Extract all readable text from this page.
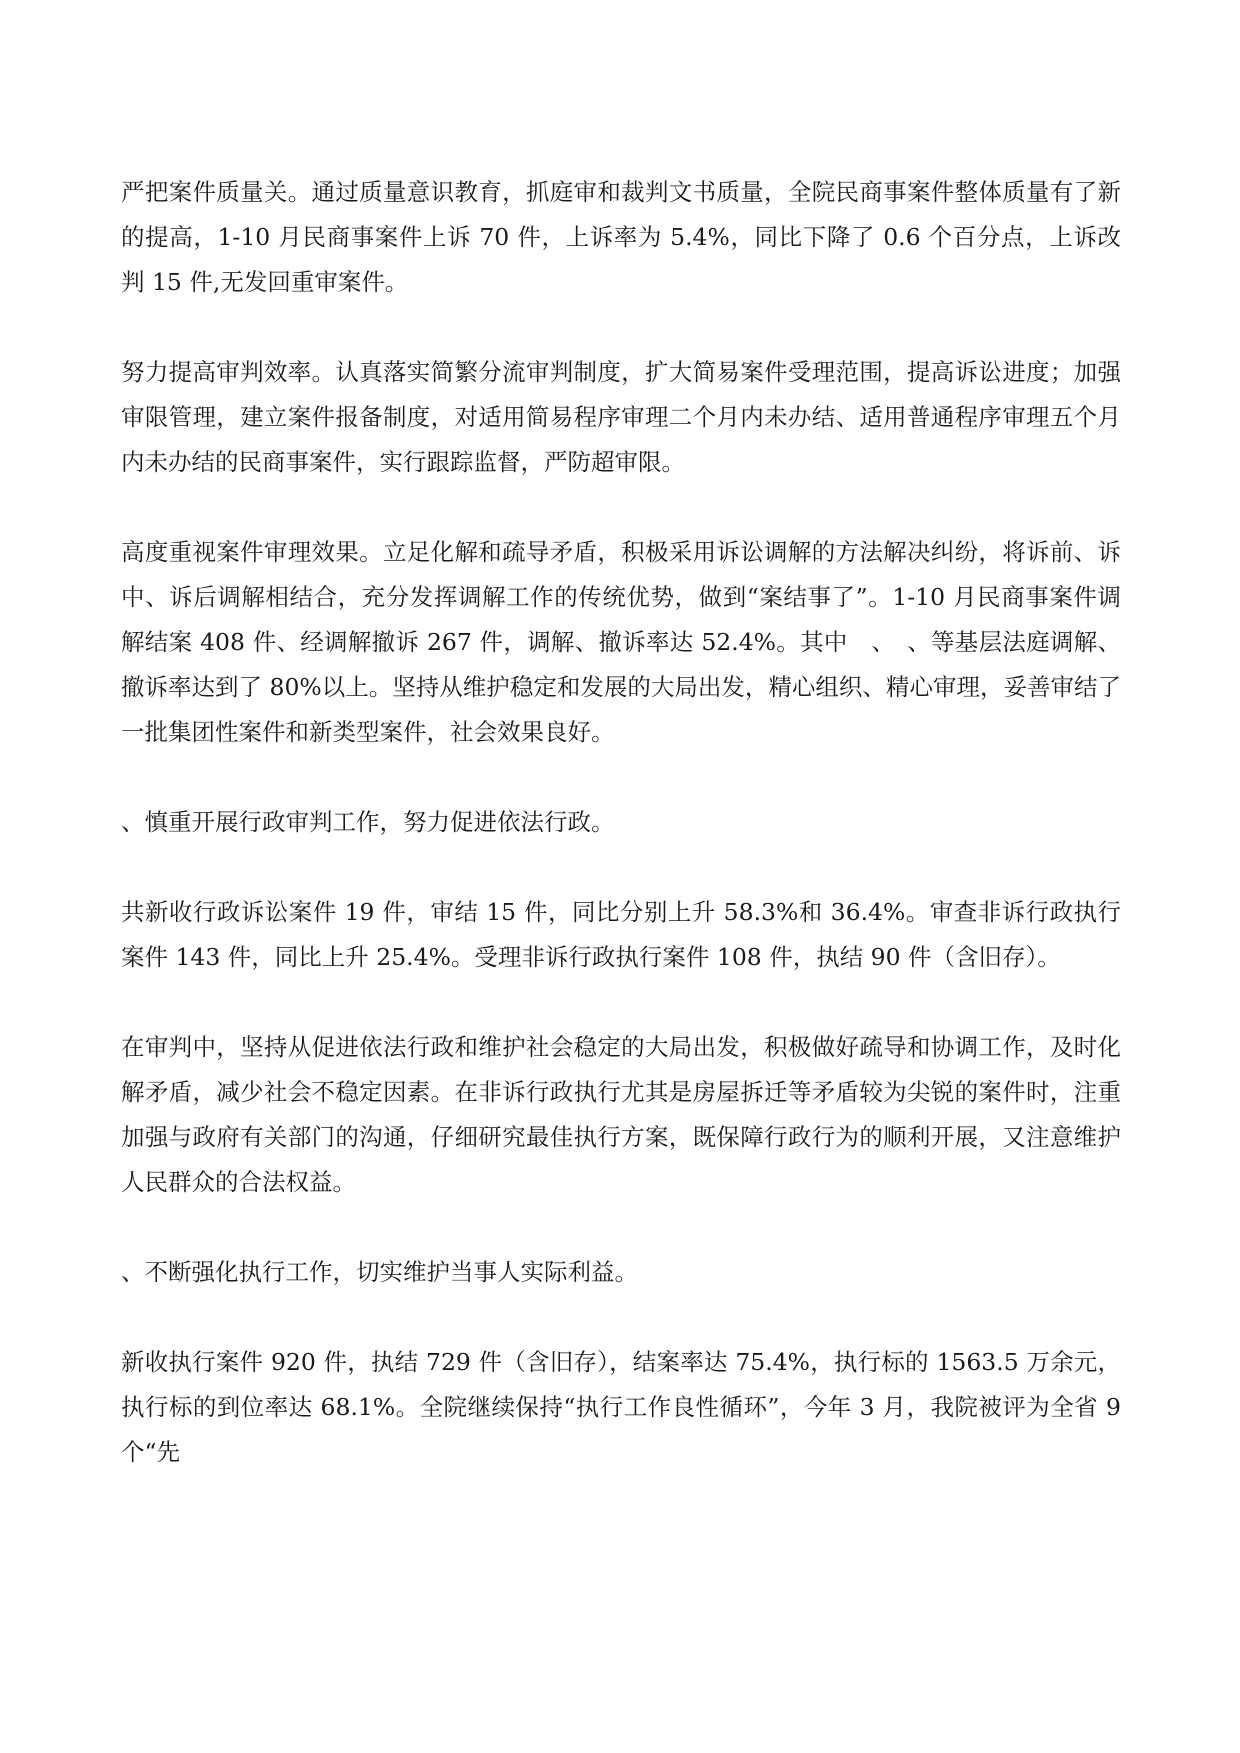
严把案件质量关。通过质量意识教育，抓庭审和裁判文书质量，全院民商事案件整体质量有了新的提高，1-10 月民商事案件上诉 70 件，上诉率为 5.4%，同比下降了 0.6 个百分点，上诉改判 15 件,无发回重审案件。

努力提高审判效率。认真落实简繁分流审判制度，扩大简易案件受理范围，提高诉讼进度；加强审限管理，建立案件报备制度，对适用简易程序审理二个月内未办结、适用普通程序审理五个月内未办结的民商事案件，实行跟踪监督，严防超审限。

高度重视案件审理效果。立足化解和疏导矛盾，积极采用诉讼调解的方法解决纠纷，将诉前、诉中、诉后调解相结合，充分发挥调解工作的传统优势，做到“案结事了”。1-10 月民商事案件调解结案 408 件、经调解撤诉 267 件，调解、撤诉率达 52.4%。其中　、　、等基层法庭调解、撤诉率达到了 80%以上。坚持从维护稳定和发展的大局出发，精心组织、精心审理，妥善审结了一批集团性案件和新类型案件，社会效果良好。

、慎重开展行政审判工作，努力促进依法行政。

共新收行政诉讼案件 19 件，审结 15 件，同比分别上升 58.3%和 36.4%。审查非诉行政执行案件 143 件，同比上升 25.4%。受理非诉行政执行案件 108 件，执结 90 件（含旧存）。

在审判中，坚持从促进依法行政和维护社会稳定的大局出发，积极做好疏导和协调工作，及时化解矛盾，减少社会不稳定因素。在非诉行政执行尤其是房屋拆迁等矛盾较为尖锐的案件时，注重加强与政府有关部门的沟通，仔细研究最佳执行方案，既保障行政行为的顺利开展，又注意维护人民群众的合法权益。

、不断强化执行工作，切实维护当事人实际利益。

新收执行案件 920 件，执结 729 件（含旧存），结案率达 75.4%，执行标的 1563.5 万余元，执行标的到位率达 68.1%。全院继续保持“执行工作良性循环”，今年 3 月，我院被评为全省 9 个“先
